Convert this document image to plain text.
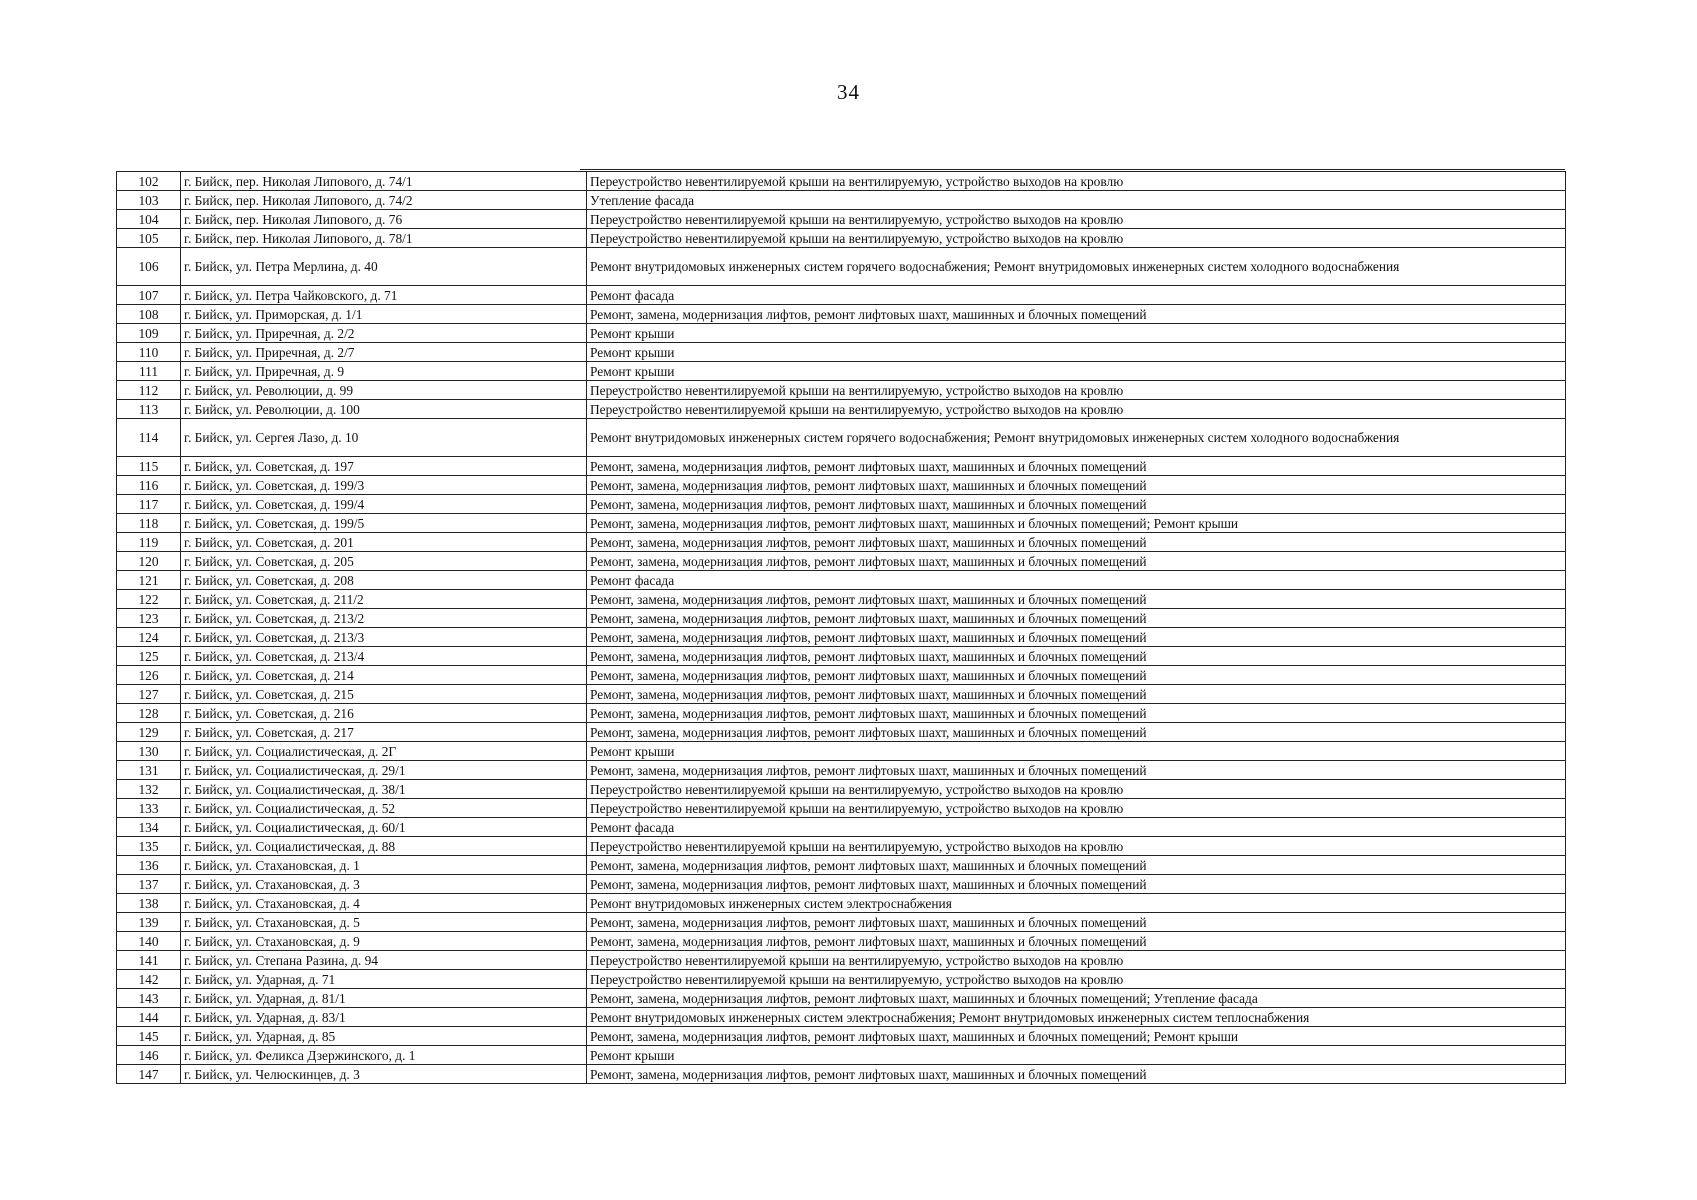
34
102	г. Бийск, пер. Николая Липового, д. 74/1	Переустройство невентилируемой крыши на вентилируемую, устройство выходов на кровлю
103	г. Бийск, пер. Николая Липового, д. 74/2	Утепление фасада
104	г. Бийск, пер. Николая Липового, д. 76	Переустройство невентилируемой крыши на вентилируемую, устройство выходов на кровлю
105	г. Бийск, пер. Николая Липового, д. 78/1	Переустройство невентилируемой крыши на вентилируемую, устройство выходов на кровлю
106	г. Бийск, ул. Петра Мерлина, д. 40	Ремонт внутридомовых инженерных систем горячего водоснабжения; Ремонт внутридомовых инженерных систем холодного водоснабжения
107	г. Бийск, ул. Петра Чайковского, д. 71	Ремонт фасада
108	г. Бийск, ул. Приморская, д. 1/1	Ремонт, замена, модернизация лифтов, ремонт лифтовых шахт, машинных и блочных помещений
109	г. Бийск, ул. Приречная, д. 2/2	Ремонт крыши
110	г. Бийск, ул. Приречная, д. 2/7	Ремонт крыши
111	г. Бийск, ул. Приречная, д. 9	Ремонт крыши
112	г. Бийск, ул. Революции, д. 99	Переустройство невентилируемой крыши на вентилируемую, устройство выходов на кровлю
113	г. Бийск, ул. Революции, д. 100	Переустройство невентилируемой крыши на вентилируемую, устройство выходов на кровлю
114	г. Бийск, ул. Сергея Лазо, д. 10	Ремонт внутридомовых инженерных систем горячего водоснабжения; Ремонт внутридомовых инженерных систем холодного водоснабжения
115	г. Бийск, ул. Советская, д. 197	Ремонт, замена, модернизация лифтов, ремонт лифтовых шахт, машинных и блочных помещений
116	г. Бийск, ул. Советская, д. 199/3	Ремонт, замена, модернизация лифтов, ремонт лифтовых шахт, машинных и блочных помещений
117	г. Бийск, ул. Советская, д. 199/4	Ремонт, замена, модернизация лифтов, ремонт лифтовых шахт, машинных и блочных помещений
118	г. Бийск, ул. Советская, д. 199/5	Ремонт, замена, модернизация лифтов, ремонт лифтовых шахт, машинных и блочных помещений; Ремонт крыши
119	г. Бийск, ул. Советская, д. 201	Ремонт, замена, модернизация лифтов, ремонт лифтовых шахт, машинных и блочных помещений
120	г. Бийск, ул. Советская, д. 205	Ремонт, замена, модернизация лифтов, ремонт лифтовых шахт, машинных и блочных помещений
121	г. Бийск, ул. Советская, д. 208	Ремонт фасада
122	г. Бийск, ул. Советская, д. 211/2	Ремонт, замена, модернизация лифтов, ремонт лифтовых шахт, машинных и блочных помещений
123	г. Бийск, ул. Советская, д. 213/2	Ремонт, замена, модернизация лифтов, ремонт лифтовых шахт, машинных и блочных помещений
124	г. Бийск, ул. Советская, д. 213/3	Ремонт, замена, модернизация лифтов, ремонт лифтовых шахт, машинных и блочных помещений
125	г. Бийск, ул. Советская, д. 213/4	Ремонт, замена, модернизация лифтов, ремонт лифтовых шахт, машинных и блочных помещений
126	г. Бийск, ул. Советская, д. 214	Ремонт, замена, модернизация лифтов, ремонт лифтовых шахт, машинных и блочных помещений
127	г. Бийск, ул. Советская, д. 215	Ремонт, замена, модернизация лифтов, ремонт лифтовых шахт, машинных и блочных помещений
128	г. Бийск, ул. Советская, д. 216	Ремонт, замена, модернизация лифтов, ремонт лифтовых шахт, машинных и блочных помещений
129	г. Бийск, ул. Советская, д. 217	Ремонт, замена, модернизация лифтов, ремонт лифтовых шахт, машинных и блочных помещений
130	г. Бийск, ул. Социалистическая, д. 2Г	Ремонт крыши
131	г. Бийск, ул. Социалистическая, д. 29/1	Ремонт, замена, модернизация лифтов, ремонт лифтовых шахт, машинных и блочных помещений
132	г. Бийск, ул. Социалистическая, д. 38/1	Переустройство невентилируемой крыши на вентилируемую, устройство выходов на кровлю
133	г. Бийск, ул. Социалистическая, д. 52	Переустройство невентилируемой крыши на вентилируемую, устройство выходов на кровлю
134	г. Бийск, ул. Социалистическая, д. 60/1	Ремонт фасада
135	г. Бийск, ул. Социалистическая, д. 88	Переустройство невентилируемой крыши на вентилируемую, устройство выходов на кровлю
136	г. Бийск, ул. Стахановская, д. 1	Ремонт, замена, модернизация лифтов, ремонт лифтовых шахт, машинных и блочных помещений
137	г. Бийск, ул. Стахановская, д. 3	Ремонт, замена, модернизация лифтов, ремонт лифтовых шахт, машинных и блочных помещений
138	г. Бийск, ул. Стахановская, д. 4	Ремонт внутридомовых инженерных систем электроснабжения
139	г. Бийск, ул. Стахановская, д. 5	Ремонт, замена, модернизация лифтов, ремонт лифтовых шахт, машинных и блочных помещений
140	г. Бийск, ул. Стахановская, д. 9	Ремонт, замена, модернизация лифтов, ремонт лифтовых шахт, машинных и блочных помещений
141	г. Бийск, ул. Степана Разина, д. 94	Переустройство невентилируемой крыши на вентилируемую, устройство выходов на кровлю
142	г. Бийск, ул. Ударная, д. 71	Переустройство невентилируемой крыши на вентилируемую, устройство выходов на кровлю
143	г. Бийск, ул. Ударная, д. 81/1	Ремонт, замена, модернизация лифтов, ремонт лифтовых шахт, машинных и блочных помещений; Утепление фасада
144	г. Бийск, ул. Ударная, д. 83/1	Ремонт внутридомовых инженерных систем электроснабжения; Ремонт внутридомовых инженерных систем теплоснабжения
145	г. Бийск, ул. Ударная, д. 85	Ремонт, замена, модернизация лифтов, ремонт лифтовых шахт, машинных и блочных помещений; Ремонт крыши
146	г. Бийск, ул. Феликса Дзержинского, д. 1	Ремонт крыши
147	г. Бийск, ул. Челюскинцев, д. 3	Ремонт, замена, модернизация лифтов, ремонт лифтовых шахт, машинных и блочных помещений
